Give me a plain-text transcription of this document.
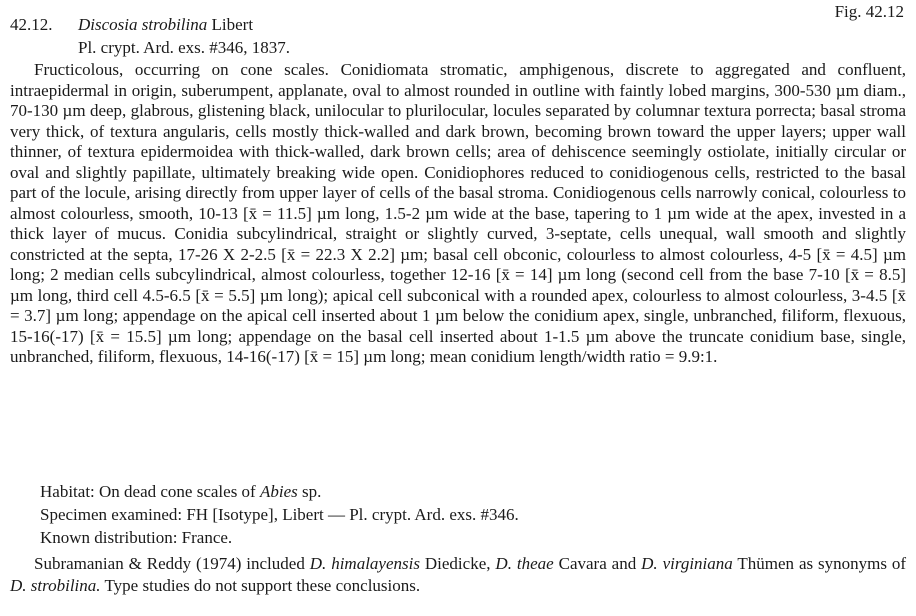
Fig. 42.12
42.12. Discosia strobilina Libert
Pl. crypt. Ard. exs. #346, 1837.

Fructicolous, occurring on cone scales. Conidiomata stromatic, amphigenous, discrete to aggregated and confluent, intraepidermal in origin, suberumpent, applanate, oval to almost rounded in outline with faintly lobed margins, 300-530 µm diam., 70-130 µm deep, glabrous, glistening black, unilocular to plurilocular, locules separated by columnar textura porrecta; basal stroma very thick, of textura angularis, cells mostly thick-walled and dark brown, becoming brown toward the upper layers; upper wall thinner, of textura epidermoidea with thick-walled, dark brown cells; area of dehiscence seemingly ostiolate, initially circular or oval and slightly papillate, ultimately breaking wide open. Conidiophores reduced to conidiogenous cells, restricted to the basal part of the locule, arising directly from upper layer of cells of the basal stroma. Conidiogenous cells narrowly conical, colourless to almost colourless, smooth, 10-13 [x̄ = 11.5] µm long, 1.5-2 µm wide at the base, tapering to 1 µm wide at the apex, invested in a thick layer of mucus. Conidia subcylindrical, straight or slightly curved, 3-septate, cells unequal, wall smooth and slightly constricted at the septa, 17-26 X 2-2.5 [x̄ = 22.3 X 2.2] µm; basal cell obconic, colourless to almost colourless, 4-5 [x̄ = 4.5] µm long; 2 median cells subcylindrical, almost colourless, together 12-16 [x̄ = 14] µm long (second cell from the base 7-10 [x̄ = 8.5] µm long, third cell 4.5-6.5 [x̄ = 5.5] µm long); apical cell subconical with a rounded apex, colourless to almost colourless, 3-4.5 [x̄ = 3.7] µm long; appendage on the apical cell inserted about 1 µm below the conidium apex, single, unbranched, filiform, flexuous, 15-16(-17) [x̄ = 15.5] µm long; appendage on the basal cell inserted about 1-1.5 µm above the truncate conidium base, single, unbranched, filiform, flexuous, 14-16(-17) [x̄ = 15] µm long; mean conidium length/width ratio = 9.9:1.

Habitat: On dead cone scales of Abies sp.
Specimen examined: FH [Isotype], Libert — Pl. crypt. Ard. exs. #346.
Known distribution: France.

Subramanian & Reddy (1974) included D. himalayensis Diedicke, D. theae Cavara and D. virginiana Thümen as synonyms of D. strobilina. Type studies do not support these conclusions.
